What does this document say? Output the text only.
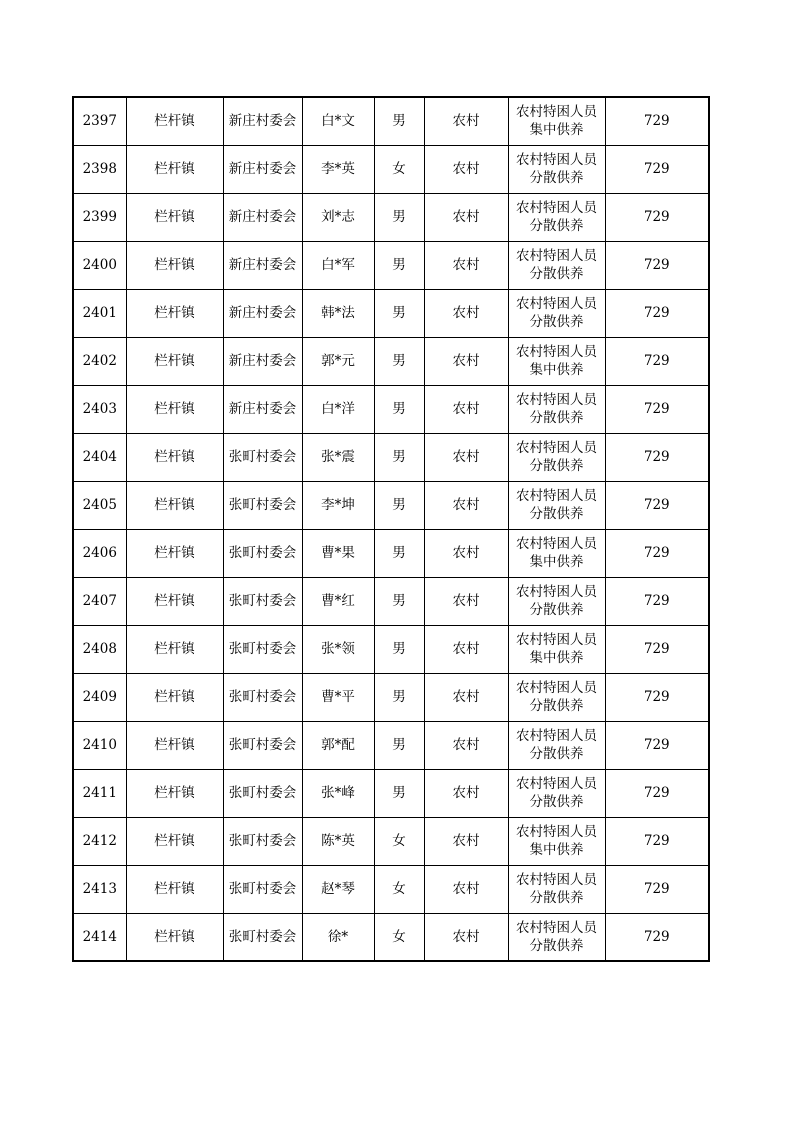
2397	栏杆镇	新庄村委会	白*文	男	农村	农村特困人员集中供养	729
2398	栏杆镇	新庄村委会	李*英	女	农村	农村特困人员分散供养	729
2399	栏杆镇	新庄村委会	刘*志	男	农村	农村特困人员分散供养	729
2400	栏杆镇	新庄村委会	白*军	男	农村	农村特困人员分散供养	729
2401	栏杆镇	新庄村委会	韩*法	男	农村	农村特困人员分散供养	729
2402	栏杆镇	新庄村委会	郭*元	男	农村	农村特困人员集中供养	729
2403	栏杆镇	新庄村委会	白*洋	男	农村	农村特困人员分散供养	729
2404	栏杆镇	张町村委会	张*震	男	农村	农村特困人员分散供养	729
2405	栏杆镇	张町村委会	李*坤	男	农村	农村特困人员分散供养	729
2406	栏杆镇	张町村委会	曹*果	男	农村	农村特困人员集中供养	729
2407	栏杆镇	张町村委会	曹*红	男	农村	农村特困人员分散供养	729
2408	栏杆镇	张町村委会	张*领	男	农村	农村特困人员集中供养	729
2409	栏杆镇	张町村委会	曹*平	男	农村	农村特困人员分散供养	729
2410	栏杆镇	张町村委会	郭*配	男	农村	农村特困人员分散供养	729
2411	栏杆镇	张町村委会	张*峰	男	农村	农村特困人员分散供养	729
2412	栏杆镇	张町村委会	陈*英	女	农村	农村特困人员集中供养	729
2413	栏杆镇	张町村委会	赵*琴	女	农村	农村特困人员分散供养	729
2414	栏杆镇	张町村委会	徐*	女	农村	农村特困人员分散供养	729
